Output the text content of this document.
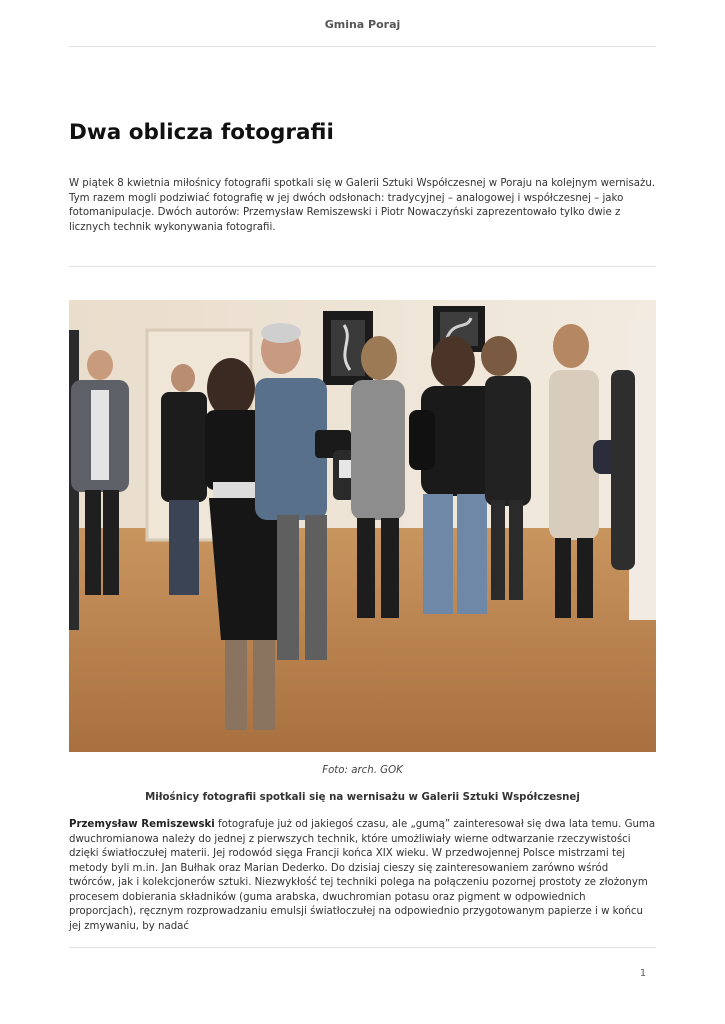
Gmina Poraj
Dwa oblicza fotografii

W piątek 8 kwietnia miłośnicy fotografii spotkali się w Galerii Sztuki Współczesnej w Poraju na kolejnym wernisażu. Tym razem mogli podziwiać fotografię w jej dwóch odsłonach: tradycyjnej – analogowej i współczesnej – jako fotomanipulacje. Dwóch autorów: Przemysław Remiszewski i Piotr Nowaczyński zaprezentowało tylko dwie z licznych technik wykonywania fotografii.

Foto: arch. GOK
Miłośnicy fotografii spotkali się na wernisażu w Galerii Sztuki Współczesnej

Przemysław Remiszewski fotografuje już od jakiegoś czasu, ale „gumą” zainteresował się dwa lata temu. Guma dwuchromianowa należy do jednej z pierwszych technik, które umożliwiały wierne odtwarzanie rzeczywistości dzięki światłoczułej materii. Jej rodowód sięga Francji końca XIX wieku. W przedwojennej Polsce mistrzami tej metody byli m.in. Jan Bułhak oraz Marian Dederko. Do dzisiaj cieszy się zainteresowaniem zarówno wśród twórców, jak i kolekcjonerów sztuki. Niezwykłość tej techniki polega na połączeniu pozornej prostoty ze złożonym procesem dobierania składników (guma arabska, dwuchromian potasu oraz pigment w odpowiednich proporcjach), ręcznym rozprowadzaniu emulsji światłoczułej na odpowiednio przygotowanym papierze i w końcu jej zmywaniu, by nadać

1
